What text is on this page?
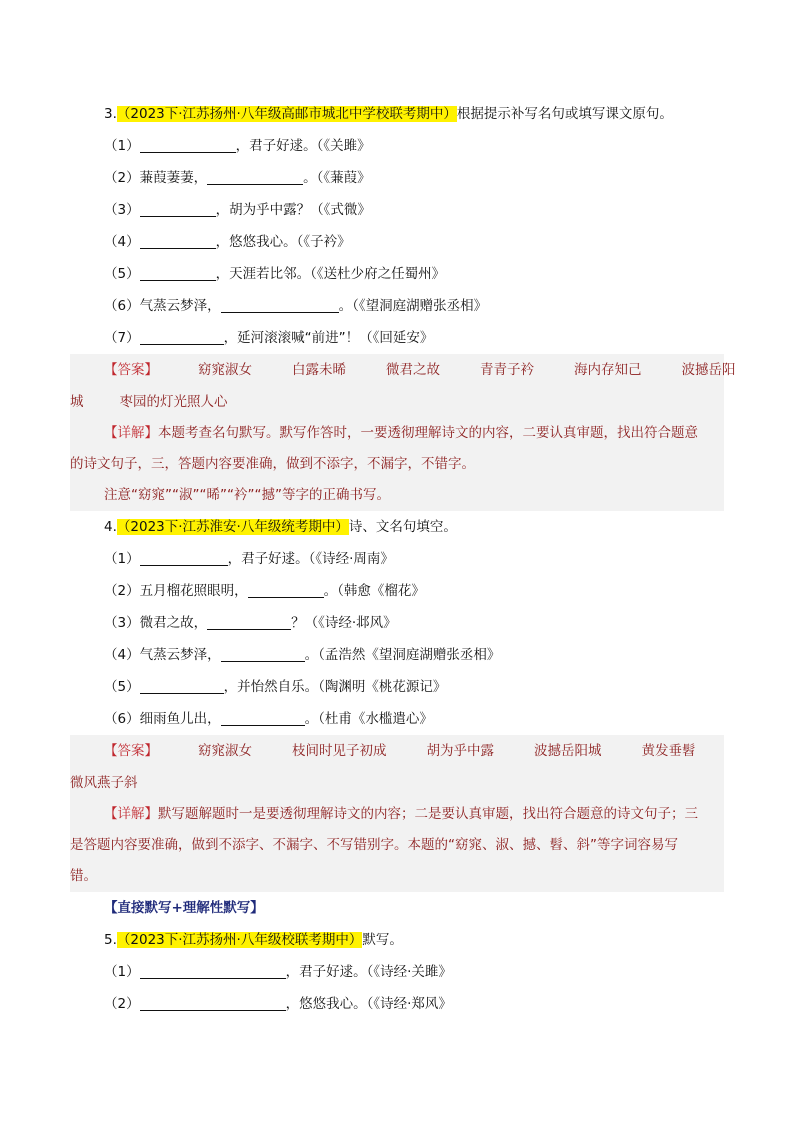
3.（2023下·江苏扬州·八年级高邮市城北中学校联考期中）根据提示补写名句或填写课文原句。
（1）	，君子好逑。（《关雎》
（2）蒹葭萋萋，	。（《蒹葭》
（3）	，胡为乎中露？（《式微》
（4）	，悠悠我心。（《子衿》
（5）	，天涯若比邻。（《送杜少府之任蜀州》
（6）气蒸云梦泽，	。（《望洞庭湖赠张丞相》
（7）	，延河滚滚喊“前进”！（《回延安》
【答案】	窈窕淑女	白露未晞	微君之故	青青子衿	海内存知己	波撼岳阳
城	枣园的灯光照人心
【详解】本题考查名句默写。默写作答时，一要透彻理解诗文的内容，二要认真审题，找出符合题意
的诗文句子，三，答题内容要准确，做到不添字，不漏字，不错字。
注意“窈窕”“淑”“晞”“衿”“撼”等字的正确书写。
4.（2023下·江苏淮安·八年级统考期中）诗、文名句填空。
（1）	，君子好逑。（《诗经·周南》
（2）五月榴花照眼明，	。（韩愈《榴花》
（3）微君之故，	？（《诗经·邶风》
（4）气蒸云梦泽，	。（孟浩然《望洞庭湖赠张丞相》
（5）	，并怡然自乐。（陶渊明《桃花源记》
（6）细雨鱼儿出，	。（杜甫《水槛遣心》
【答案】	窈窕淑女	枝间时见子初成	胡为乎中露	波撼岳阳城	黄发垂髫
微风燕子斜
【详解】默写题解题时一是要透彻理解诗文的内容；二是要认真审题，找出符合题意的诗文句子；三
是答题内容要准确，做到不添字、不漏字、不写错别字。本题的“窈窕、淑、撼、髫、斜”等字词容易写
错。
【直接默写+理解性默写】
5.（2023下·江苏扬州·八年级校联考期中）默写。
（1）	，君子好逑。（《诗经·关雎》
（2）	，悠悠我心。（《诗经·郑风》
